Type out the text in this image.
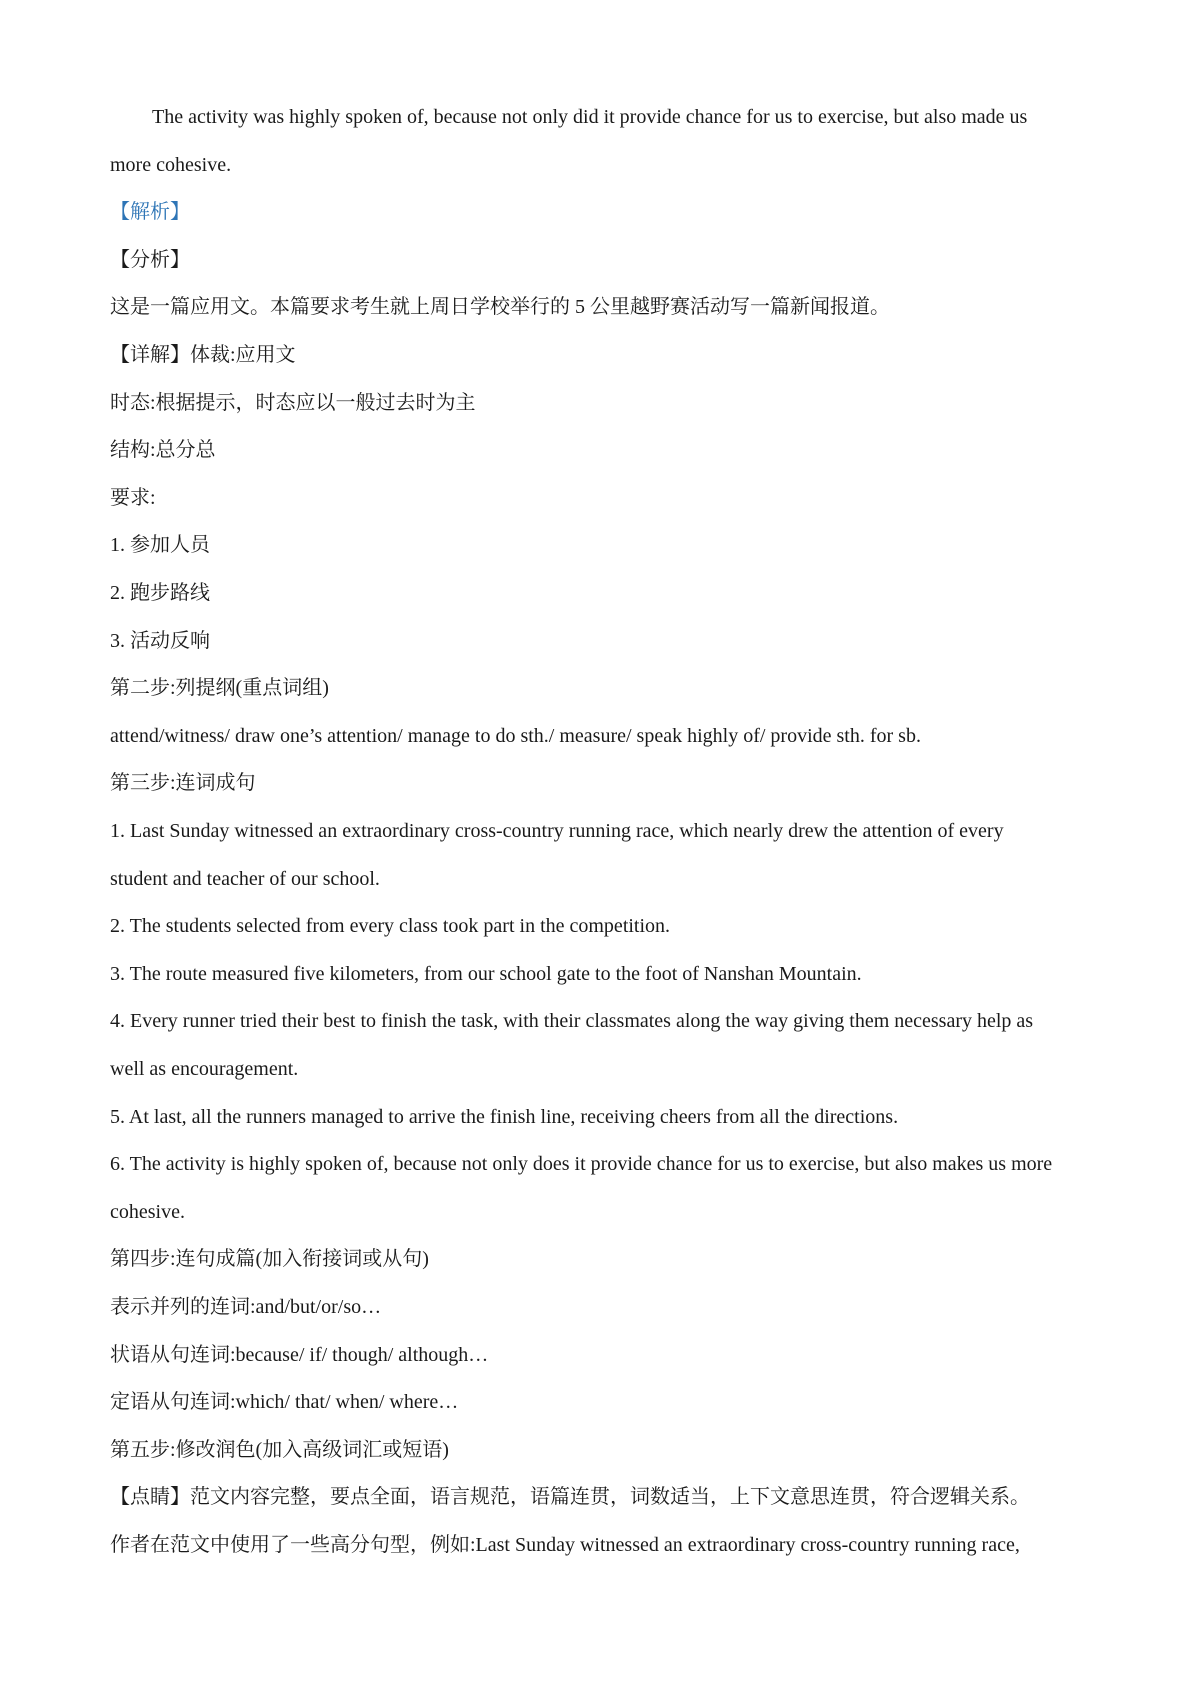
The activity was highly spoken of, because not only did it provide chance for us to exercise, but also made us
more cohesive.
【解析】
【分析】
这是一篇应用文。本篇要求考生就上周日学校举行的 5 公里越野赛活动写一篇新闻报道。
【详解】体裁:应用文
时态:根据提示，时态应以一般过去时为主
结构:总分总
要求:
1. 参加人员
2. 跑步路线
3. 活动反响
第二步:列提纲(重点词组)
attend/witness/ draw one’s attention/ manage to do sth./ measure/ speak highly of/ provide sth. for sb.
第三步:连词成句
1. Last Sunday witnessed an extraordinary cross-country running race, which nearly drew the attention of every
student and teacher of our school.
2. The students selected from every class took part in the competition.
3. The route measured five kilometers, from our school gate to the foot of Nanshan Mountain.
4. Every runner tried their best to finish the task, with their classmates along the way giving them necessary help as
well as encouragement.
5. At last, all the runners managed to arrive the finish line, receiving cheers from all the directions.
6. The activity is highly spoken of, because not only does it provide chance for us to exercise, but also makes us more
cohesive.
第四步:连句成篇(加入衔接词或从句)
表示并列的连词:and/but/or/so…
状语从句连词:because/ if/ though/ although…
定语从句连词:which/ that/ when/ where…
第五步:修改润色(加入高级词汇或短语)
【点睛】范文内容完整，要点全面，语言规范，语篇连贯，词数适当，上下文意思连贯，符合逻辑关系。
作者在范文中使用了一些高分句型，例如:Last Sunday witnessed an extraordinary cross-country running race,
